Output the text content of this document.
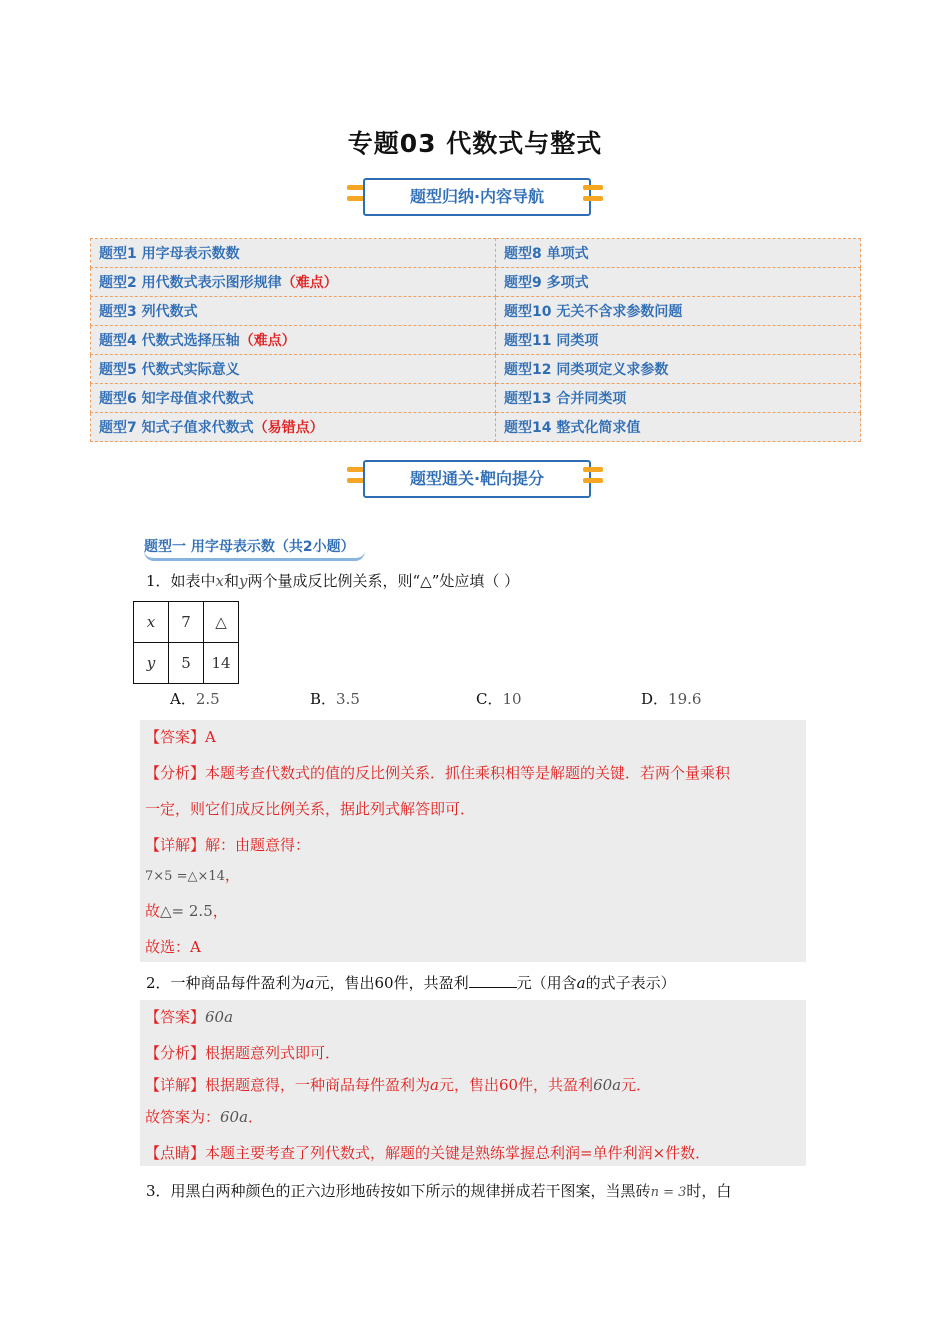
专题03 代数式与整式
题型归纳·内容导航
题型1 用字母表示数数	题型8 单项式
题型2 用代数式表示图形规律（难点）	题型9 多项式
题型3 列代数式	题型10 无关不含求参数问题
题型4 代数式选择压轴（难点）	题型11 同类项
题型5 代数式实际意义	题型12 同类项定义求参数
题型6 知字母值求代数式	题型13 合并同类项
题型7 知式子值求代数式（易错点）	题型14 整式化简求值
题型通关·靶向提分
题型一 用字母表示数（共2小题）
1．如表中x和y两个量成反比例关系，则“△”处应填（ ）
x	7	△
y	5	14
A．2.5	B．3.5	C．10	D．19.6
【答案】A
【分析】本题考查代数式的值的反比例关系．抓住乘积相等是解题的关键．若两个量乘积
一定，则它们成反比例关系，据此列式解答即可．
【详解】解：由题意得：
7×5 =△×14，
故△= 2.5，
故选：A
2．一种商品每件盈利为a元，售出60件，共盈利	元（用含a的式子表示）
【答案】60a
【分析】根据题意列式即可．
【详解】根据题意得，一种商品每件盈利为a元，售出60件，共盈利60a元．
故答案为：60a．
【点睛】本题主要考查了列代数式，解题的关键是熟练掌握总利润=单件利润×件数．
3．用黑白两种颜色的正六边形地砖按如下所示的规律拼成若干图案，当黑砖n = 3时，白
